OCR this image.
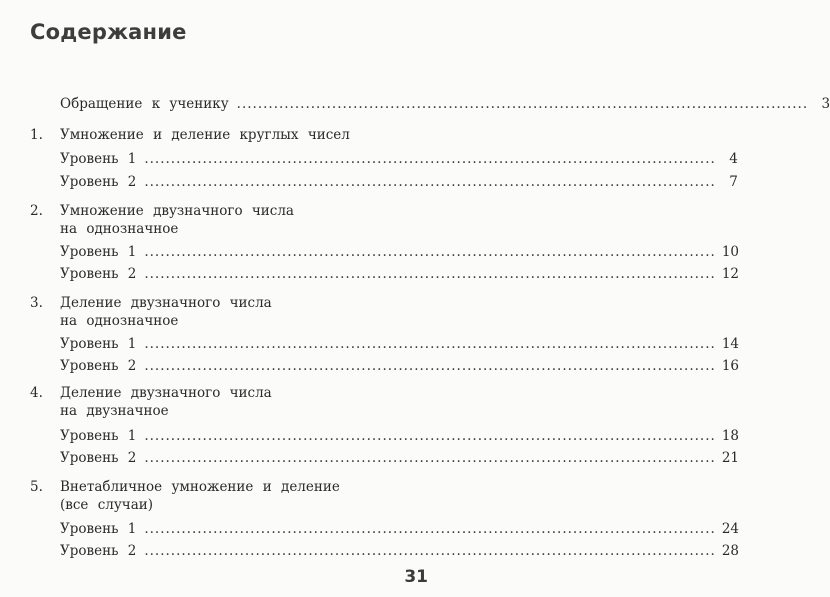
Содержание
Обращение к ученику ............................................................................................................ 3
1. Умножение и деление круглых чисел
Уровень 1 ............................................................................................................ 4
Уровень 2 ............................................................................................................ 7
2. Умножение двузначного числа
на однозначное
Уровень 1 ............................................................................................................ 10
Уровень 2 ............................................................................................................ 12
3. Деление двузначного числа
на однозначное
Уровень 1 ............................................................................................................ 14
Уровень 2 ............................................................................................................ 16
4. Деление двузначного числа
на двузначное
Уровень 1 ............................................................................................................ 18
Уровень 2 ............................................................................................................ 21
5. Внетабличное умножение и деление
(все случаи)
Уровень 1 ............................................................................................................ 24
Уровень 2 ............................................................................................................ 28
31
